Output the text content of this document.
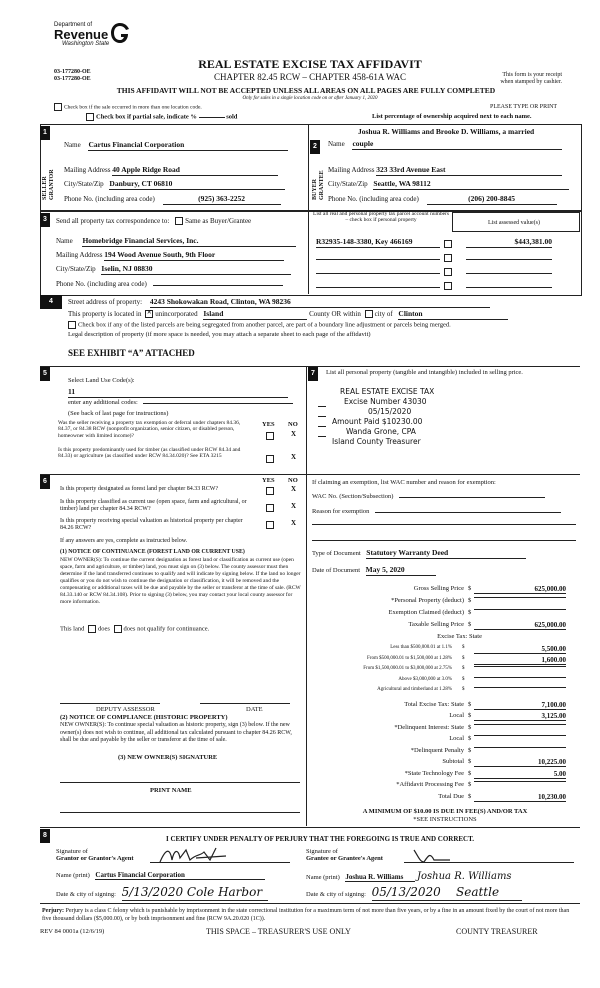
Department of
Revenue
Washington State
03-177280-OE
03-177280-OE
REAL ESTATE EXCISE TAX AFFIDAVIT
CHAPTER 82.45 RCW – CHAPTER 458-61A WAC
THIS AFFIDAVIT WILL NOT BE ACCEPTED UNLESS ALL AREAS ON ALL PAGES ARE FULLY COMPLETED
Only for sales in a single location code on or after January 1, 2020
This form is your receipt
when stamped by cashier.
PLEASE TYPE OR PRINT
Check box if the sale occurred in more than one location code.
Check box if partial sale, indicate %	sold	List percentage of ownership acquired next to each name.
1
SELLER GRANTOR
Name Cartus Financial Corporation
Mailing Address 40 Apple Ridge Road
City/State/Zip Danbury, CT 06810
Phone No. (including area code)	(925) 363-2252
2
BUYER GRANTEE
Joshua R. Williams and Brooke D. Williams, a married
Name couple
Mailing Address 323 33rd Avenue East
City/State/Zip Seattle, WA 98112
Phone No. (including area code)	(206) 200-8845
3	Send all property tax correspondence to: Same as Buyer/Grantee
Name Homebridge Financial Services, Inc.
Mailing Address 194 Wood Avenue South, 9th Floor
City/State/Zip Iselin, NJ 08830
Phone No. (including area code)
List all real and personal property tax parcel account numbers – check box if personal property	List assessed value(s)
R32935-148-3380, Key 466169	$443,381.00
4	Street address of property: 4243 Shokowakan Road, Clinton, WA 98236
This property is located in ✕ unincorporated Island	County OR within city of Clinton
Check box if any of the listed parcels are being segregated from another parcel, are part of a boundary line adjustment or parcels being merged.
Legal description of property (if more space is needed, you may attach a separate sheet to each page of the affidavit)
SEE EXHIBIT “A” ATTACHED
5
Select Land Use Code(s):
11
enter any additional codes:
(See back of last page for instructions)
YES NO
Was the seller receiving a property tax exemption or deferral under chapters 84.36, 84.37, or 84.38 RCW (nonprofit organization, senior citizen, or disabled person, homeowner with limited income)?	X
Is this property predominantly used for timber (as classified under RCW 84.34 and 84.33) or agriculture (as classified under RCW 84.34.020)? See ETA 3215	X
7	List all personal property (tangible and intangible) included in selling price.
REAL ESTATE EXCISE TAX
Excise Number 43030
05/15/2020
Amount Paid $10230.00
Wanda Grone, CPA
Island County Treasurer
6	YES NO
Is this property designated as forest land per chapter 84.33 RCW?	X
Is this property classified as current use (open space, farm and agricultural, or timber) land per chapter 84.34 RCW?	X
Is this property receiving special valuation as historical property per chapter 84.26 RCW?
X
If any answers are yes, complete as instructed below.
(1) NOTICE OF CONTINUANCE (FOREST LAND OR CURRENT USE)
NEW OWNER(S): To continue the current designation as forest land or classification as current use (open space, farm and agriculture, or timber) land, you must sign on (3) below. The county assessor must then determine if the land transferred continues to qualify and will indicate by signing below. If the land no longer qualifies or you do not wish to continue the designation or classification, it will be removed and the compensating or additional taxes will be due and payable by the seller or transferor at the time of sale. (RCW 84.33.140 or RCW 84.34.108). Prior to signing (3) below, you may contact your local county assessor for more information.
This land does does not qualify for continuance.
DEPUTY ASSESSOR	DATE
(2) NOTICE OF COMPLIANCE (HISTORIC PROPERTY)
NEW OWNER(S): To continue special valuation as historic property, sign (3) below. If the new owner(s) does not wish to continue, all additional tax calculated pursuant to chapter 84.26 RCW, shall be due and payable by the seller or transferor at the time of sale.
(3) NEW OWNER(S) SIGNATURE
PRINT NAME
If claiming an exemption, list WAC number and reason for exemption:
WAC No. (Section/Subsection)
Reason for exemption
Type of Document Statutory Warranty Deed
Date of Document May 5, 2020
Gross Selling Price $	625,000.00
*Personal Property (deduct) $
Exemption Claimed (deduct) $
Taxable Selling Price $	625,000.00
Excise Tax: State
Less than $500,000.01 at 1.1% $	5,500.00
From $500,000.01 to $1,500,000 at 1.28% $	1,600.00
From $1,500,000.01 to $3,000,000 at 2.75% $
Above $3,000,000 at 3.0% $
Agricultural and timberland at 1.28% $
Total Excise Tax: State $	7,100.00
Local $	3,125.00
*Delinquent Interest: State $
Local $
*Delinquent Penalty $
Subtotal $	10,225.00
*State Technology Fee $	5.00
*Affidavit Processing Fee $
Total Due $	10,230.00
A MINIMUM OF $10.00 IS DUE IN FEE(S) AND/OR TAX
*SEE INSTRUCTIONS
8	I CERTIFY UNDER PENALTY OF PERJURY THAT THE FOREGOING IS TRUE AND CORRECT.
Signature of
Grantor or Grantor's Agent
Signature of
Grantee or Grantee's Agent
Name (print) Cartus Financial Corporation	Name (print) Joshua R. Williams Joshua R. Williams
Date & city of signing: 5/13/2020 Cole Harbor	Date & city of signing: 05/13/2020 Seattle
Perjury: Perjury is a class C felony which is punishable by imprisonment in the state correctional institution for a maximum term of not more than five years, or by a fine in an amount fixed by the court of not more than five thousand dollars ($5,000.00), or by both imprisonment and fine (RCW 9A.20.020 (1C)).
REV 84 0001a (12/6/19)	THIS SPACE – TREASURER'S USE ONLY	COUNTY TREASURER
